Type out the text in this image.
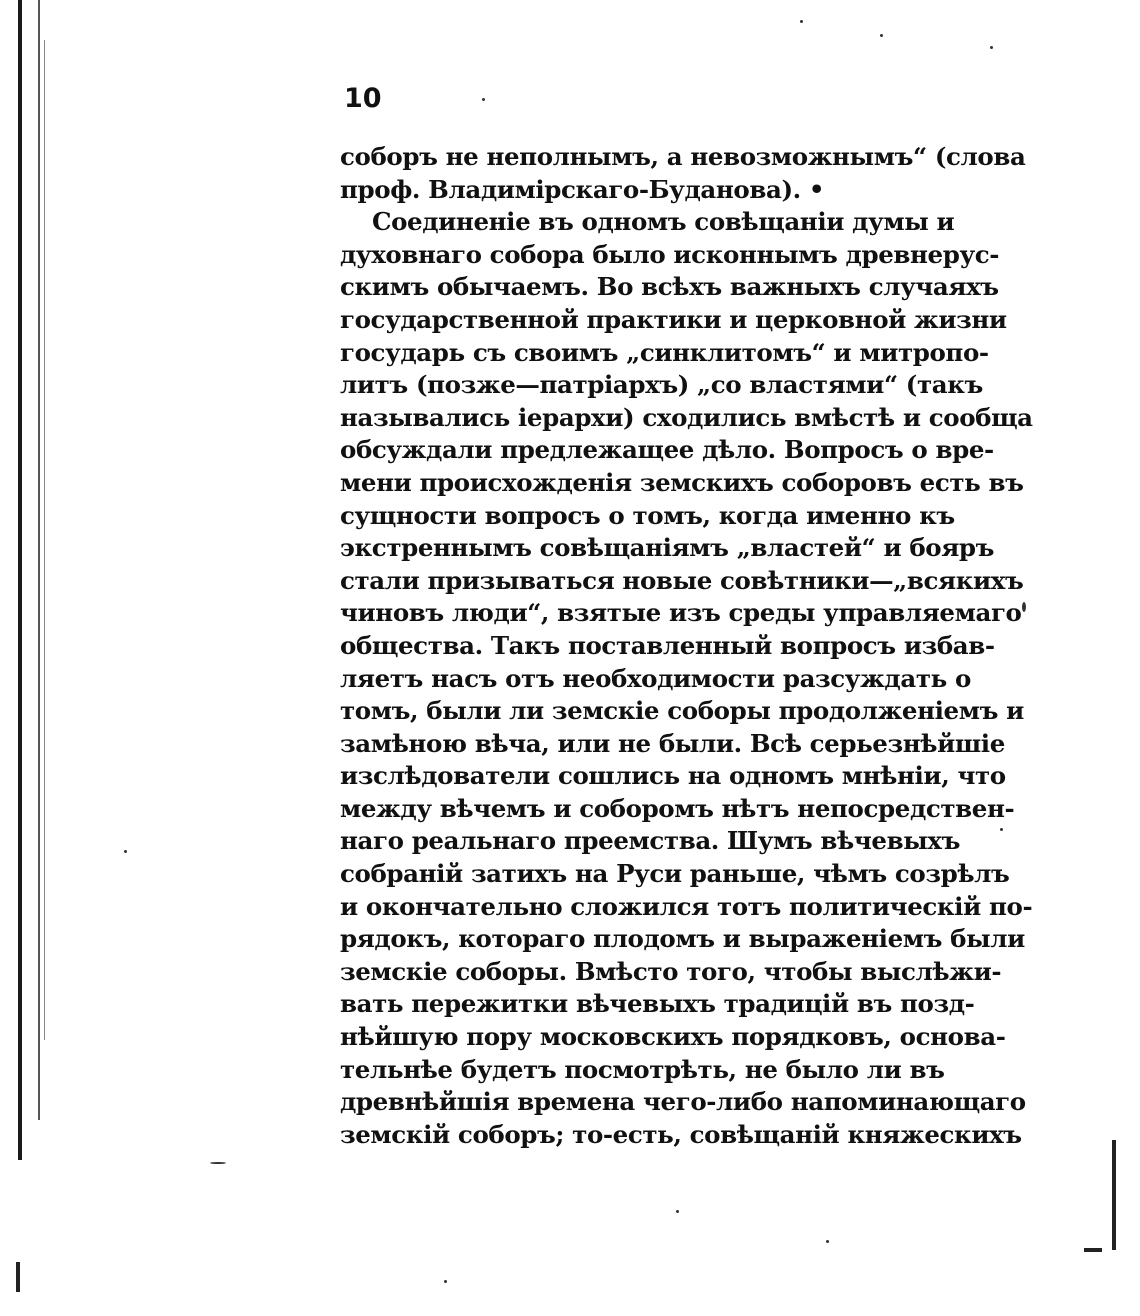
10
соборъ не неполнымъ, а невозможнымъ“ (слова
проф. Владимірскаго-Буданова). •
Соединеніе въ одномъ совѣщаніи думы и
духовнаго собора было исконнымъ древнерус-
скимъ обычаемъ. Во всѣхъ важныхъ случаяхъ
государственной практики и церковной жизни
государь съ своимъ „синклитомъ“ и митропо-
литъ (позже—патріархъ) „со властями“ (такъ
назывались іерархи) сходились вмѣстѣ и сообща
обсуждали предлежащее дѣло. Вопросъ о вре-
мени происхожденія земскихъ соборовъ есть въ
сущности вопросъ о томъ, когда именно къ
экстреннымъ совѣщаніямъ „властей“ и бояръ
стали призываться новые совѣтники—„всякихъ
чиновъ люди“, взятые изъ среды управляемаго
общества. Такъ поставленный вопросъ избав-
ляетъ насъ отъ необходимости разсуждать о
томъ, были ли земскіе соборы продолженіемъ и
замѣною вѣча, или не были. Всѣ серьезнѣйшіе
изслѣдователи сошлись на одномъ мнѣніи, что
между вѣчемъ и соборомъ нѣтъ непосредствен-
наго реальнаго преемства. Шумъ вѣчевыхъ
собраній затихъ на Руси раньше, чѣмъ созрѣлъ
и окончательно сложился тотъ политическій по-
рядокъ, котораго плодомъ и выраженіемъ были
земскіе соборы. Вмѣсто того, чтобы выслѣжи-
вать пережитки вѣчевыхъ традицій въ позд-
нѣйшую пору московскихъ порядковъ, основа-
тельнѣе будетъ посмотрѣть, не было ли въ
древнѣйшія времена чего-либо напоминающаго
земскій соборъ; то-есть, совѣщаній княжескихъ
